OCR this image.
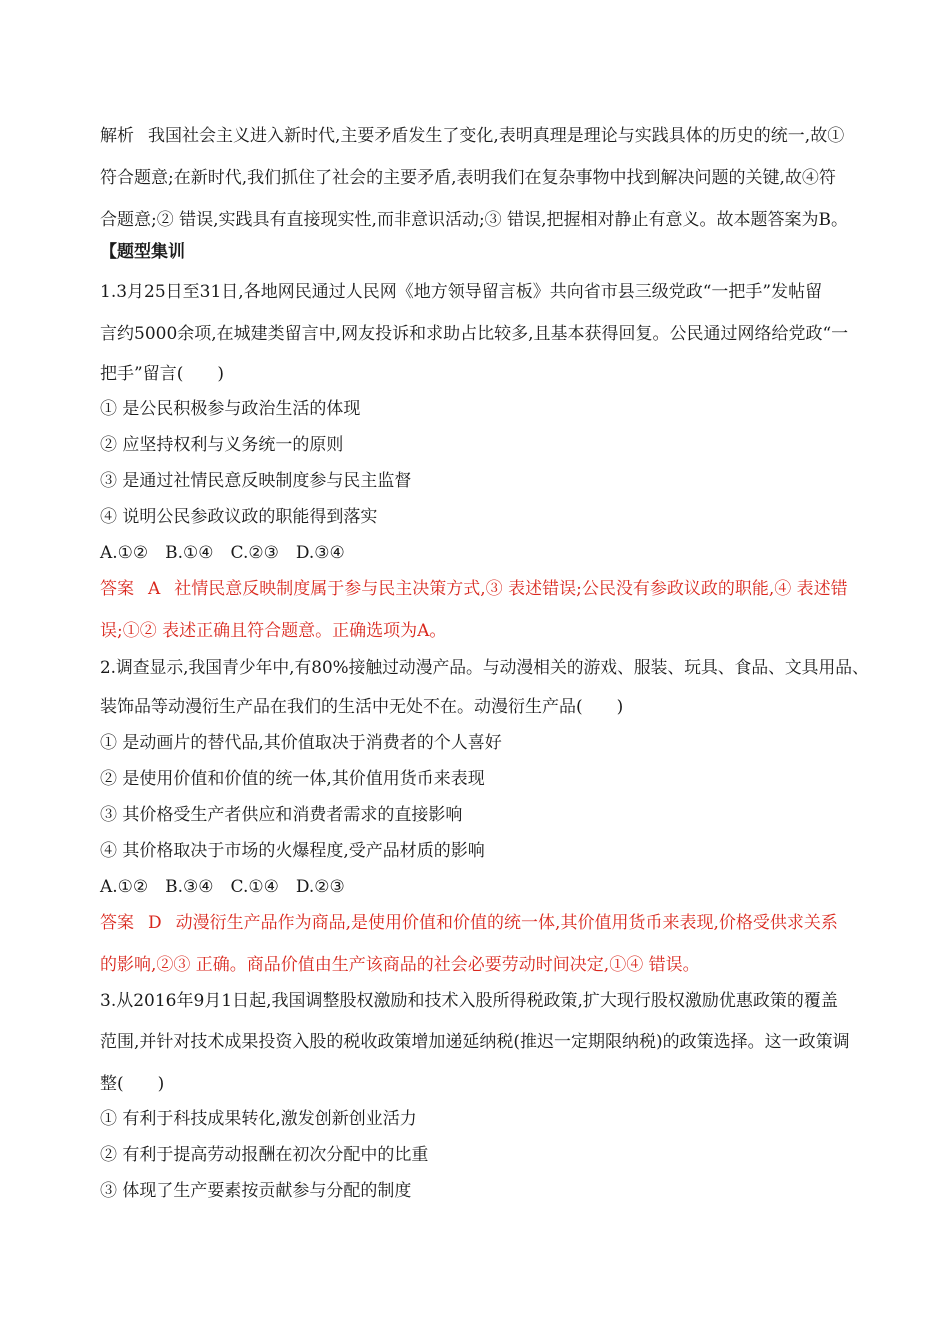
解析 我国社会主义进入新时代,主要矛盾发生了变化,表明真理是理论与实践具体的历史的统一,故①
符合题意;在新时代,我们抓住了社会的主要矛盾,表明我们在复杂事物中找到解决问题的关键,故④符
合题意;② 错误,实践具有直接现实性,而非意识活动;③ 错误,把握相对静止有意义。故本题答案为B。
【题型集训
1.3月25日至31日,各地网民通过人民网《地方领导留言板》共向省市县三级党政“一把手”发帖留
言约5000余项,在城建类留言中,网友投诉和求助占比较多,且基本获得回复。公民通过网络给党政“一
把手”留言(　　)
① 是公民积极参与政治生活的体现
② 应坚持权利与义务统一的原则
③ 是通过社情民意反映制度参与民主监督
④ 说明公民参政议政的职能得到落实
A.①②　B.①④　C.②③　D.③④
答案 A 社情民意反映制度属于参与民主决策方式,③ 表述错误;公民没有参政议政的职能,④ 表述错
误;①② 表述正确且符合题意。正确选项为A。
2.调查显示,我国青少年中,有80%接触过动漫产品。与动漫相关的游戏、服装、玩具、食品、文具用品、
装饰品等动漫衍生产品在我们的生活中无处不在。动漫衍生产品(　　)
① 是动画片的替代品,其价值取决于消费者的个人喜好
② 是使用价值和价值的统一体,其价值用货币来表现
③ 其价格受生产者供应和消费者需求的直接影响
④ 其价格取决于市场的火爆程度,受产品材质的影响
A.①②　B.③④　C.①④　D.②③
答案 D 动漫衍生产品作为商品,是使用价值和价值的统一体,其价值用货币来表现,价格受供求关系
的影响,②③ 正确。商品价值由生产该商品的社会必要劳动时间决定,①④ 错误。
3.从2016年9月1日起,我国调整股权激励和技术入股所得税政策,扩大现行股权激励优惠政策的覆盖
范围,并针对技术成果投资入股的税收政策增加递延纳税(推迟一定期限纳税)的政策选择。这一政策调
整(　　)
① 有利于科技成果转化,激发创新创业活力
② 有利于提高劳动报酬在初次分配中的比重
③ 体现了生产要素按贡献参与分配的制度
